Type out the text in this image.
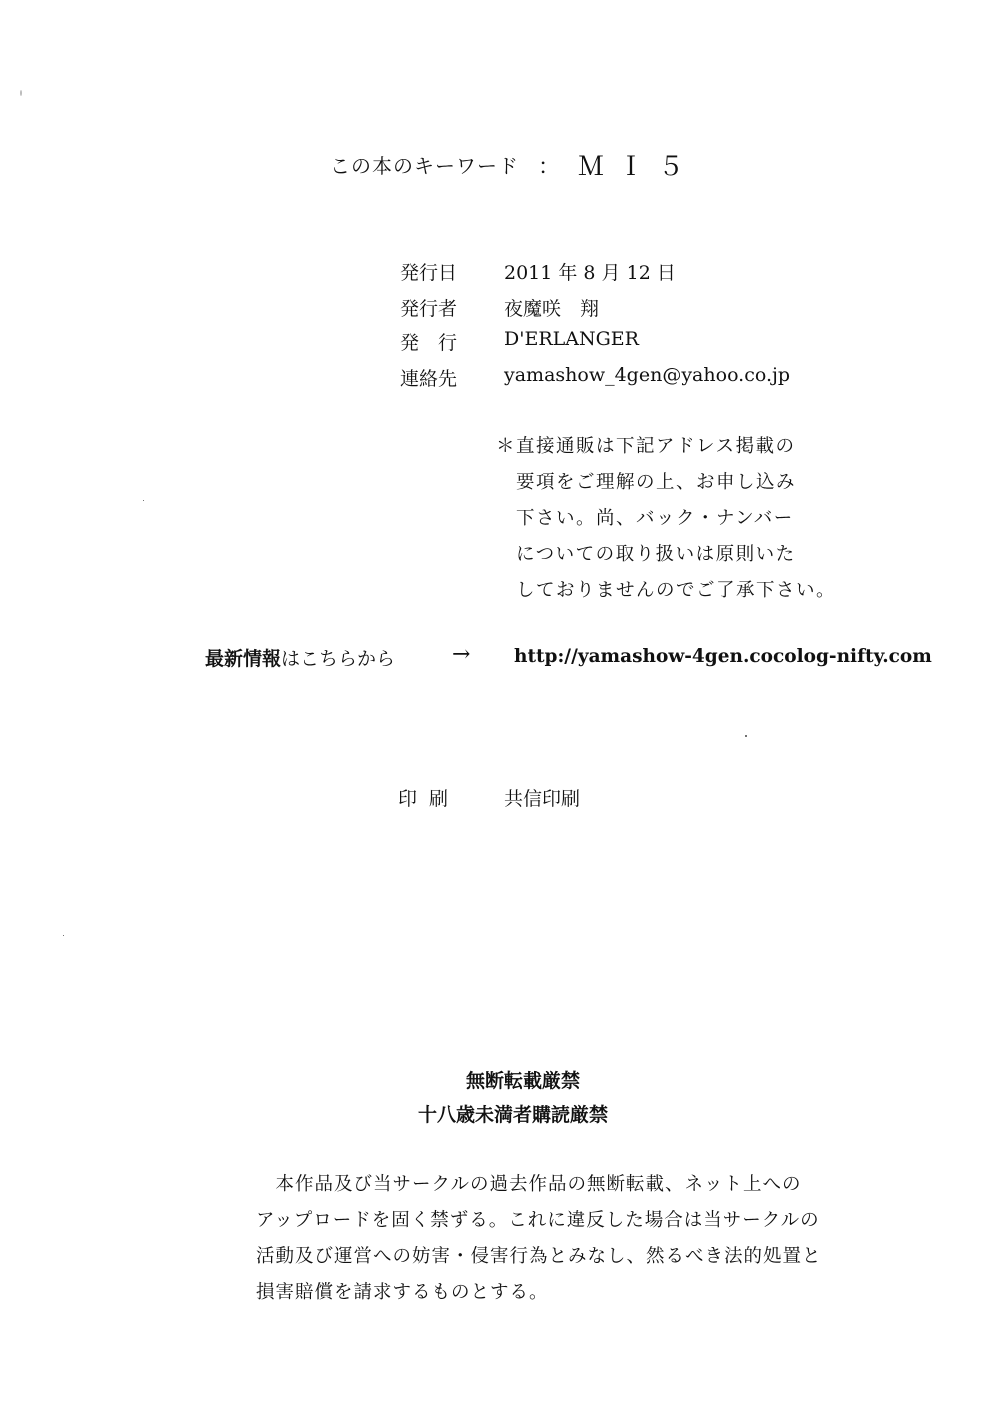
この本のキーワード ： ＭＩ５
発行日 2011 年 8 月 12 日
発行者 夜魔咲　翔
発　行 D'ERLANGER
連絡先 yamashow_4gen@yahoo.co.jp
＊直接通販は下記アドレス掲載の
　要項をご理解の上、お申し込み
　下さい。尚、バック・ナンバー
　についての取り扱いは原則いた
　しておりませんのでご了承下さい。
最新情報はこちらから	→ http://yamashow-4gen.cocolog-nifty.com
印刷 共信印刷
無断転載厳禁
十八歳未満者購読厳禁
　本作品及び当サークルの過去作品の無断転載、ネット上への
アップロードを固く禁ずる。これに違反した場合は当サークルの
活動及び運営への妨害・侵害行為とみなし、然るべき法的処置と
損害賠償を請求するものとする。
